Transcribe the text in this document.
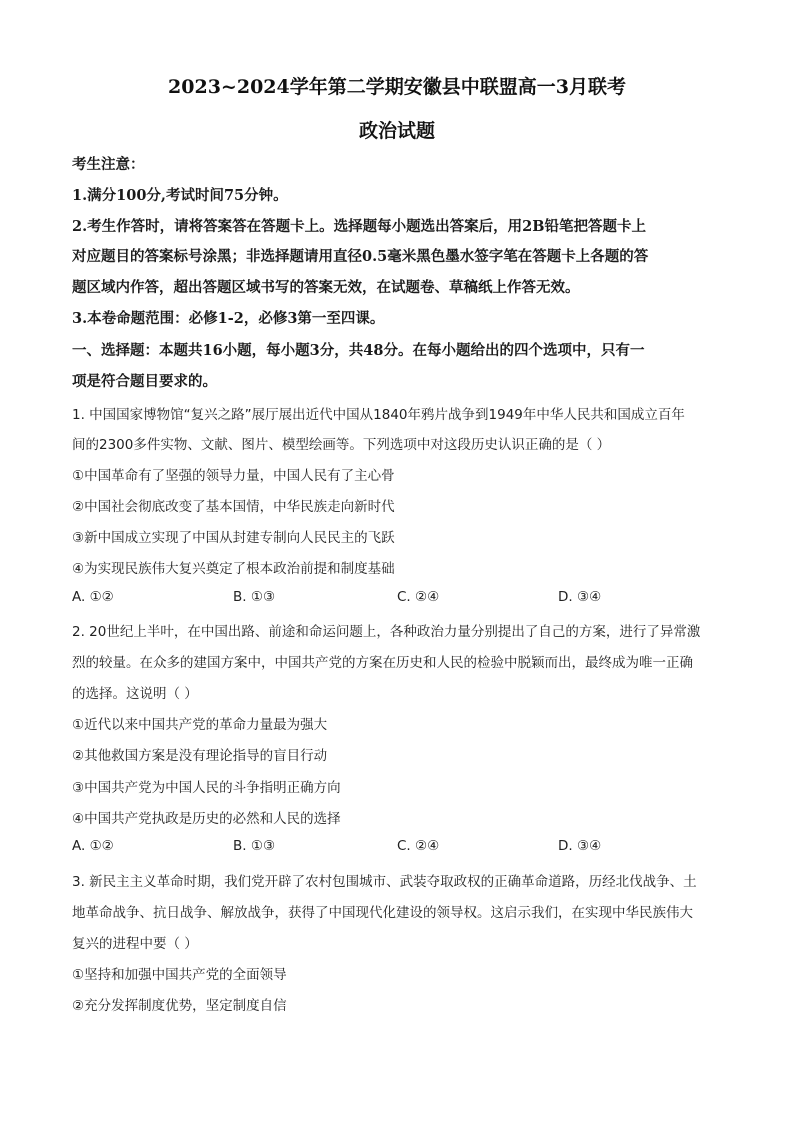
2023~2024学年第二学期安徽县中联盟高一3月联考
政治试题
考生注意：
1.满分100分,考试时间75分钟。
2.考生作答时，请将答案答在答题卡上。选择题每小题选出答案后，用2B铅笔把答题卡上
对应题目的答案标号涂黑；非选择题请用直径0.5毫米黑色墨水签字笔在答题卡上各题的答
题区域内作答，超出答题区域书写的答案无效，在试题卷、草稿纸上作答无效。
3.本卷命题范围：必修1-2，必修3第一至四课。
一、选择题：本题共16小题，每小题3分，共48分。在每小题给出的四个选项中，只有一
项是符合题目要求的。
1. 中国国家博物馆“复兴之路”展厅展出近代中国从1840年鸦片战争到1949年中华人民共和国成立百年
间的2300多件实物、文献、图片、模型绘画等。下列选项中对这段历史认识正确的是（ ）
①中国革命有了坚强的领导力量，中国人民有了主心骨
②中国社会彻底改变了基本国情，中华民族走向新时代
③新中国成立实现了中国从封建专制向人民民主的飞跃
④为实现民族伟大复兴奠定了根本政治前提和制度基础
A. ①②	B. ①③	C. ②④	D. ③④
2. 20世纪上半叶，在中国出路、前途和命运问题上，各种政治力量分别提出了自己的方案，进行了异常激
烈的较量。在众多的建国方案中，中国共产党的方案在历史和人民的检验中脱颖而出，最终成为唯一正确
的选择。这说明（ ）
①近代以来中国共产党的革命力量最为强大
②其他救国方案是没有理论指导的盲目行动
③中国共产党为中国人民的斗争指明正确方向
④中国共产党执政是历史的必然和人民的选择
A. ①②	B. ①③	C. ②④	D. ③④
3. 新民主主义革命时期，我们党开辟了农村包围城市、武装夺取政权的正确革命道路，历经北伐战争、土
地革命战争、抗日战争、解放战争，获得了中国现代化建设的领导权。这启示我们，在实现中华民族伟大
复兴的进程中要（ ）
①坚持和加强中国共产党的全面领导
②充分发挥制度优势，坚定制度自信
